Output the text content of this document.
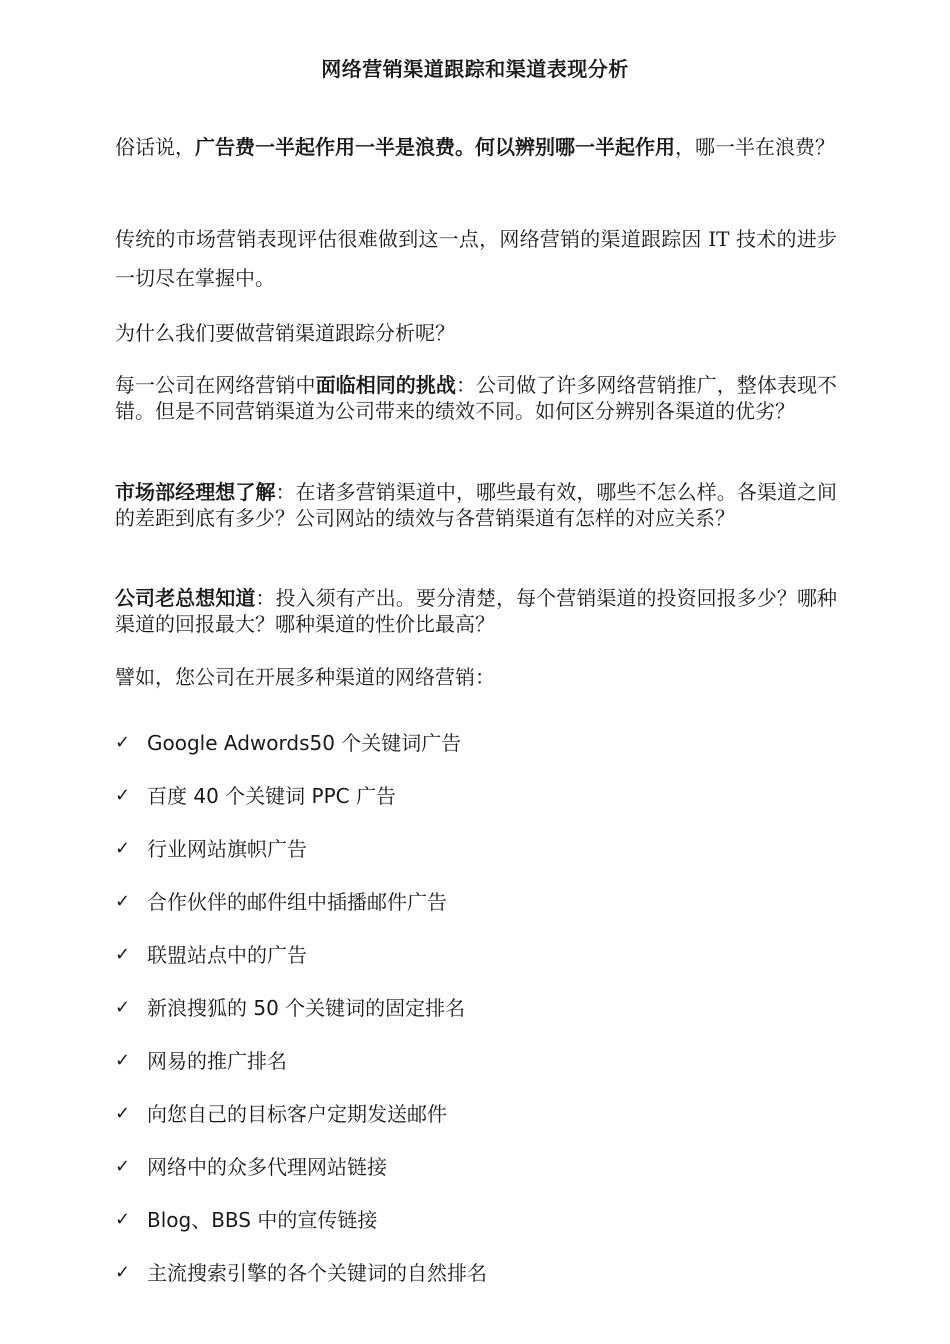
网络营销渠道跟踪和渠道表现分析

俗话说，广告费一半起作用一半是浪费。何以辨别哪一半起作用，哪一半在浪费？

传统的市场营销表现评估很难做到这一点，网络营销的渠道跟踪因 IT 技术的进步一切尽在掌握中。

为什么我们要做营销渠道跟踪分析呢？

每一公司在网络营销中面临相同的挑战：公司做了许多网络营销推广，整体表现不错。但是不同营销渠道为公司带来的绩效不同。如何区分辨别各渠道的优劣？

市场部经理想了解：在诸多营销渠道中，哪些最有效，哪些不怎么样。各渠道之间的差距到底有多少？公司网站的绩效与各营销渠道有怎样的对应关系？

公司老总想知道：投入须有产出。要分清楚，每个营销渠道的投资回报多少？哪种渠道的回报最大？哪种渠道的性价比最高？

譬如，您公司在开展多种渠道的网络营销：

✓ Google Adwords50 个关键词广告
✓ 百度 40 个关键词 PPC 广告
✓ 行业网站旗帜广告
✓ 合作伙伴的邮件组中插播邮件广告
✓ 联盟站点中的广告
✓ 新浪搜狐的 50 个关键词的固定排名
✓ 网易的推广排名
✓ 向您自己的目标客户定期发送邮件
✓ 网络中的众多代理网站链接
✓ Blog、BBS 中的宣传链接
✓ 主流搜索引擎的各个关键词的自然排名
